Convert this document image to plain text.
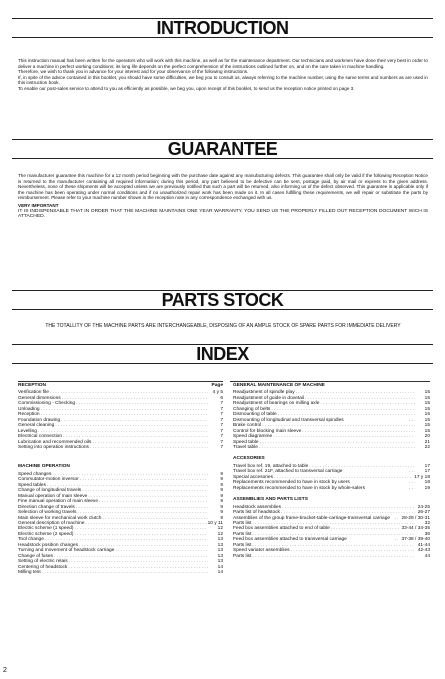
INTRODUCTION

This instruction manual has been written for the operators who will work with this machine, as well as for the maintenance department. Our technicians and workmen have done their very best in order to deliver a machine in perfect working conditions; its long life depends on the perfect comprehension of the instructions outlined further on, and on the care taken in machine handling.

Therefore, we wish to thank you in advance for your interest and for your observance of the following instructions.

If, in spite of the advice contained in this booklet, you should have some difficulties, we beg you to consult us, always referring to the machine number, using the same terms and numbers as are used in this instruction book.

To enable our post-sales service to attend to you as efficiently as possible, we beg you, upon receipt of this booklet, to send us the reception notice printed on page 3.

GUARANTEE

The manufacturer guarantee this machine for a 12 month period beginning with the purchase date against any manufacturing defects. This guarantee shall only be valid if the following Reception Notice is returned to the manufacturer containing all required information; during this period, any part believed to be defective can be sent, postage paid, by air mail or express to the given address. Nevertheless, none of these shipments will be accepted unless we are previously notified that such a part will be returned, also informing us of the defect observed. This guarantee is applicable only if the machine has been operating under normal conditions and if no unauthorized repair work has been made on it. In all cases fulfilling these requirements, we will repair or substitute the parts by reimbursement. Please refer to your machine number shown in the reception note in any correspondence exchanged with us.

VERY IMPORTANT

IT IS INDISPENSABLE THAT IN ORDER THAT THE MACHINE MAINTAINS ONE YEAR WARRANTY, YOU SEND US THE PROPERLY FILLED OUT RECEPTION DOCUMENT WICH IS ATTACHED.

PARTS STOCK
THE TOTALLITY OF THE MACHINE PARTS ARE INTERCHANGEABLE, DISPOSING OF AN AMPLE STOCK OF SPARE PARTS FOR IMMEDIATE DELIVERY
INDEX
RECEPTION	Page
Verification file . . .	4 y 5
General dimensions . . .	6
Commissioning - Checking . . .	7
Unloading . . .	7
Reception . . .	7
Foundation drawing . . .	7
General cleaning . . .	7
Levelling . . .	7
Electrical connection . . .	7
Lubrication and recommended oils . . .	7
Setting into operation instructions . . .	7
MACHINE OPERATION
Speed changes . . .	9
Commutator-motion inversor . . .	9
Speed tables . . .	9
Change of longitudinal travels . . .	9
Manual operation of main sleeve . . .	9
Fine manual operation of main sleeve . . .	9
Direction change of travels . . .	9
Selection of working travels . . .	9
Main sleeve for mechanical work clutch . . .	9
General description of machine . . .	10 y 11
Electric scheme (1 speed) . . .	12
Electric scheme (2 speed) . . .	12
Tool change . . .	13
Headstock position changes . . .	13
Turning and movement of headstock carriage . . .	13
Change of fuses . . .	13
Setting of electric relais . . .	13
Centering of headstock . . .	14
Milling test . . .	14
GENERAL MAINTENANCE OF MACHINE
Readjustment of spindle play . . .	15
Readjustment of guide in dovetail . . .	15
Readjustment of bearings on milling axle . . .	15
Changing of belts . . .	15
Dismounting of table . . .	15
Dismounting of longitudinal and transversal spindles . . .	15
Brake control . . .	15
Control for blocking main sleeve . . .	15
Speed diagramme . . .	20
Speed table . . .	21
Travel table . . .	22
ACCESORIES
Travel box ref. 19, attached to table . . .	17
Travel box ref. 21F, attached to transversal carriage . . .	17
Special accesories . . .	17 y 18
Replacements recommended to have in stock by users . . .	18
Replacements recommended to have in stock by whole-salers . . .	19
ASSEMBLIES AND PARTS LISTS
Headstock assemblies . . .	24-25
Parts list of headstock . . .	26-27
Assemblies of the group frame-bracket-table-carriage-transversal carriage . . .	28-29 / 30-31
Parts list . . .	32
Feed box assemblies attached to end of table . . .	33-44 / 34-35
Parts list . . .	36
Feed box assemblies attached to transversal carriage . . .	37-38 / 39-40
Parts list . . .	41-44
Speed variator assemblies . . .	42-43
Parts list . . .	44
2
